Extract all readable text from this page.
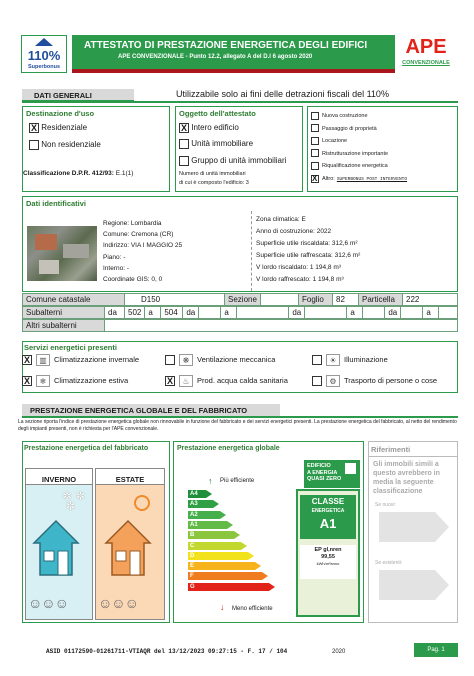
110%
Superbonus
ATTESTATO DI PRESTAZIONE ENERGETICA DEGLI EDIFICI
APE CONVENZIONALE - Punto 12.2, allegato A del D.I 6 agosto 2020	APE
CONVENZIONALE
DATI GENERALI	Utilizzabile solo ai fini delle detrazioni fiscali del 110%
Destinazione d'uso
X Residenziale
Non residenziale
Classificazione D.P.R. 412/93: E.1(1)
Oggetto dell'attestato
X Intero edificio
Unità immobiliare
Gruppo di unità immobiliari
Numero di unità immobiliari
di cui è composto l'edificio: 3
Nuova costruzione
Passaggio di proprietà
Locazione
Ristrutturazione importante
Riqualificazione energetica
XAltro: SUPERBONUS POST INTERVENTO
Dati identificativi
Regione: Lombardia
Comune: Cremona (CR)
Indirizzo: VIA I MAGGIO 25
Piano: -
Interno: -
Coordinate GIS: 0, 0
Zona climatica: E
Anno di costruzione: 2022
Superficie utile riscaldata: 312,6 m²
Superficie utile raffrescata: 312,6 m²
V lordo riscaldato: 1 194,8 m³
V lordo raffrescato: 1 194,8 m³
Comune catastale	D150	Sezione		Foglio	82	Particella	222
Subalterni	da	502	a	504	da		a		da		a		da		a	
Altri subalterni	
Servizi energetici presenti
X▥ Climatizzazione invernale	❋ Ventilazione meccanica	☀ Illuminazione
X❄ Climatizzazione estiva
X	♨ Prod. acqua calda sanitaria	⚙ Trasporto di persone o cose
PRESTAZIONE ENERGETICA GLOBALE E DEL FABBRICATO
La sezione riporta l'indice di prestazione energetica globale non rinnovabile in funzione del fabbricato e dei servizi energetici presenti. La prestazione energetica del fabbricato, al netto del rendimento degli impianti presenti, non è richiesta per l'APE convenzionale.
Prestazione energetica del fabbricato
INVERNO
✲ ✲
✲
☺☺☺
ESTATE
☺☺☺
Prestazione energetica globale
↑ Più efficiente
A4
A3
A2
A1
B
C
D
E
F
G
↓ Meno efficiente
EDIFICIO
A ENERGIA
QUASI ZERO
CLASSE
ENERGETICA
A1
EP gl,nren
99,55
kWh/m²anno
Riferimenti
Gli immobili simili a questo avrebbero in media la seguente classificazione
Se nuovi:
Se esistenti:
ASID 01172590-01261711-VTIAQR del 13/12/2023 09:27:15 - F. 17 / 104	2020	Pag. 1
